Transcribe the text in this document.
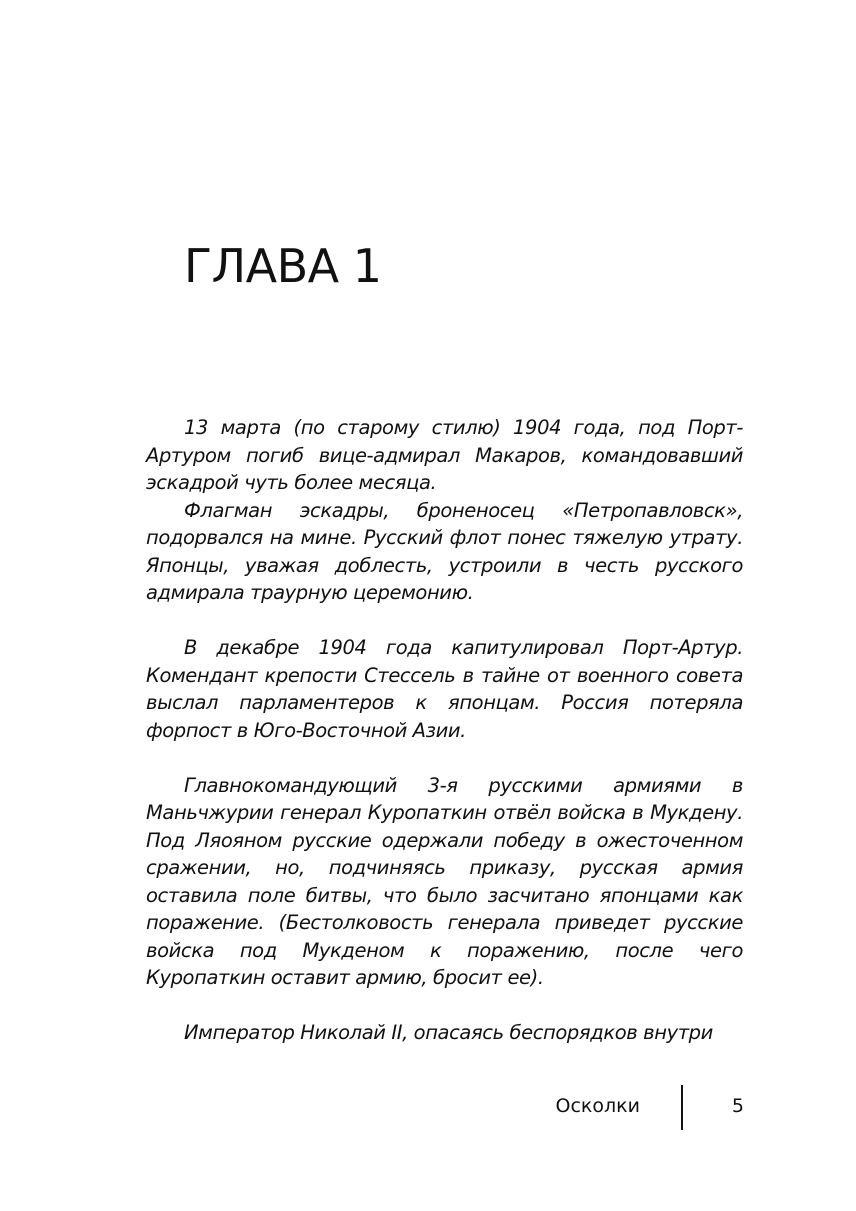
ГЛАВА 1

13 марта (по старому стилю) 1904 года, под Порт-Артуром погиб вице-адмирал Макаров, командовавший эскадрой чуть более месяца.

Флагман эскадры, броненосец «Петропавловск», подорвался на мине. Русский флот понес тяжелую утрату. Японцы, уважая доблесть, устроили в честь русского адмирала траурную церемонию.

В декабре 1904 года капитулировал Порт-Артур. Комендант крепости Стессель в тайне от военного совета выслал парламентеров к японцам. Россия потеряла форпост в Юго-Восточной Азии.

Главнокомандующий 3-я русскими армиями в Маньчжурии генерал Куропаткин отвёл войска в Мукдену. Под Ляояном русские одержали победу в ожесточенном сражении, но, подчиняясь приказу, русская армия оставила поле битвы, что было засчитано японцами как поражение. (Бестолковость генерала приведет русские войска под Мукденом к поражению, после чего Куропаткин оставит армию, бросит ее).

Император Николай II, опасаясь беспорядков внутри

Осколки	5
